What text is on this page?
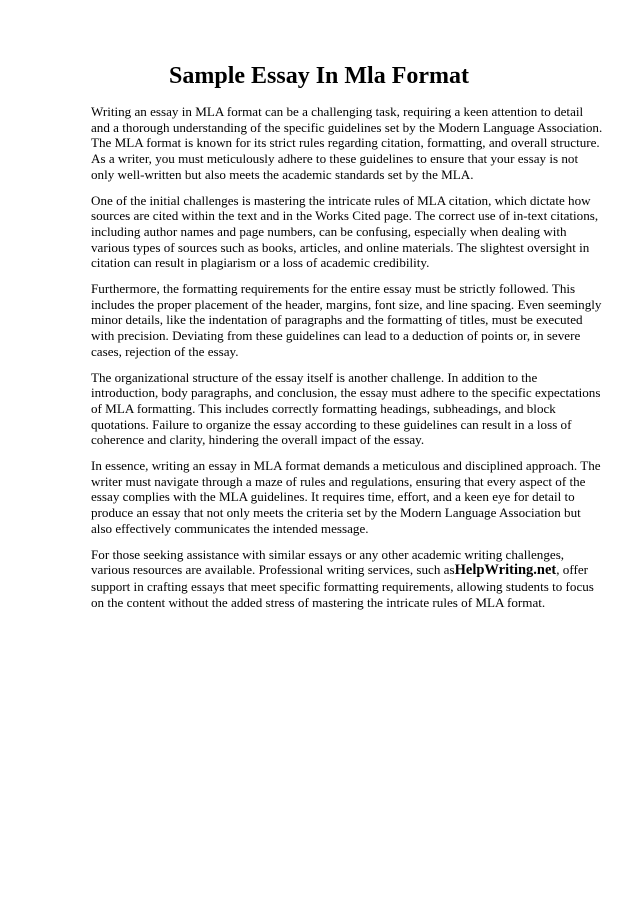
Sample Essay In Mla Format

Writing an essay in MLA format can be a challenging task, requiring a keen attention to detail and a thorough understanding of the specific guidelines set by the Modern Language Association. The MLA format is known for its strict rules regarding citation, formatting, and overall structure. As a writer, you must meticulously adhere to these guidelines to ensure that your essay is not only well-written but also meets the academic standards set by the MLA.

One of the initial challenges is mastering the intricate rules of MLA citation, which dictate how sources are cited within the text and in the Works Cited page. The correct use of in-text citations, including author names and page numbers, can be confusing, especially when dealing with various types of sources such as books, articles, and online materials. The slightest oversight in citation can result in plagiarism or a loss of academic credibility.

Furthermore, the formatting requirements for the entire essay must be strictly followed. This includes the proper placement of the header, margins, font size, and line spacing. Even seemingly minor details, like the indentation of paragraphs and the formatting of titles, must be executed with precision. Deviating from these guidelines can lead to a deduction of points or, in severe cases, rejection of the essay.

The organizational structure of the essay itself is another challenge. In addition to the introduction, body paragraphs, and conclusion, the essay must adhere to the specific expectations of MLA formatting. This includes correctly formatting headings, subheadings, and block quotations. Failure to organize the essay according to these guidelines can result in a loss of coherence and clarity, hindering the overall impact of the essay.

In essence, writing an essay in MLA format demands a meticulous and disciplined approach. The writer must navigate through a maze of rules and regulations, ensuring that every aspect of the essay complies with the MLA guidelines. It requires time, effort, and a keen eye for detail to produce an essay that not only meets the criteria set by the Modern Language Association but also effectively communicates the intended message.

For those seeking assistance with similar essays or any other academic writing challenges, various resources are available. Professional writing services, such asHelpWriting.net, offer support in crafting essays that meet specific formatting requirements, allowing students to focus on the content without the added stress of mastering the intricate rules of MLA format.
